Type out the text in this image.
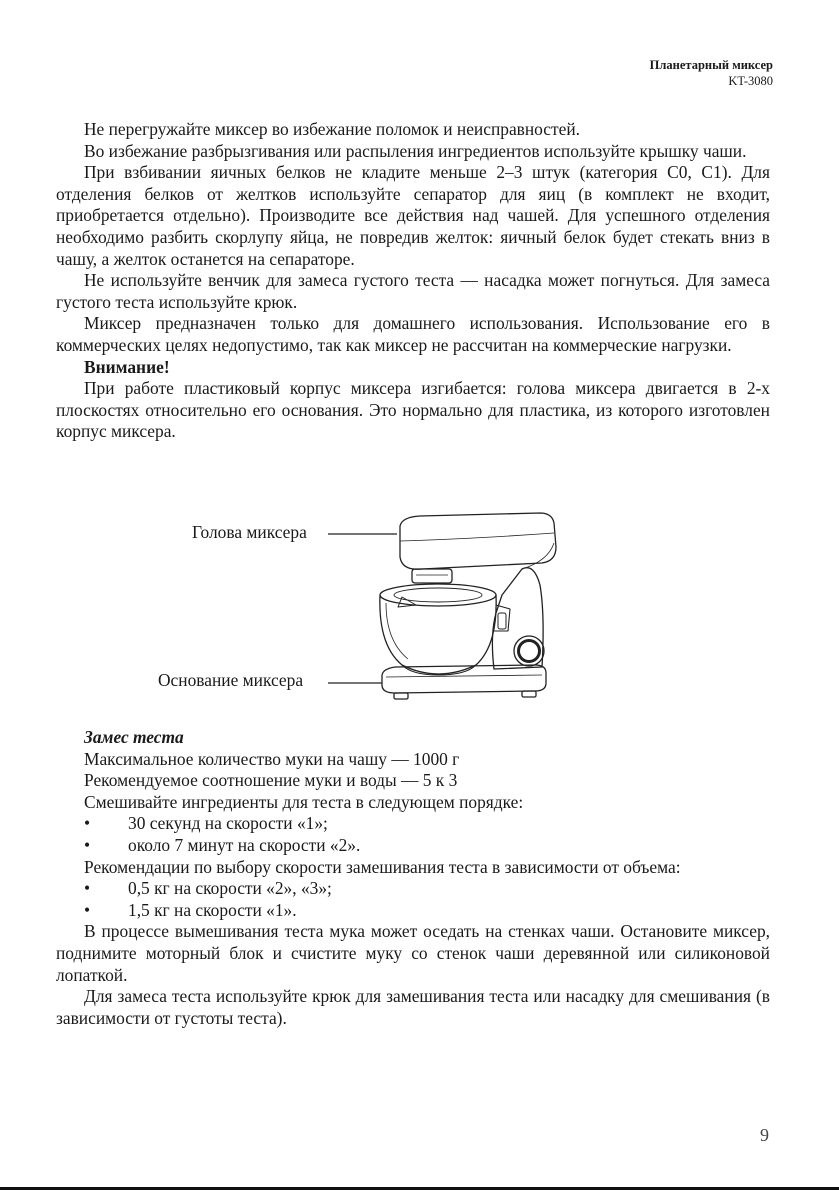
Планетарный миксер
KT-3080

Не перегружайте миксер во избежание поломок и неисправностей.

Во избежание разбрызгивания или распыления ингредиентов используйте крышку чаши.

При взбивании яичных белков не кладите меньше 2–3 штук (категория С0, С1). Для отделения белков от желтков используйте сепаратор для яиц (в комплект не входит, приобретается отдельно). Производите все действия над чашей. Для успешного отделения необходимо разбить скорлупу яйца, не повредив желток: яичный белок будет стекать вниз в чашу, а желток останется на сепараторе.

Не используйте венчик для замеса густого теста — насадка может погнуться. Для замеса густого теста используйте крюк.

Миксер предназначен только для домашнего использования. Использование его в коммерческих целях недопустимо, так как миксер не рассчитан на коммерческие нагрузки.

Внимание!

При работе пластиковый корпус миксера изгибается: голова миксера двигается в 2-х плоскостях относительно его основания. Это нормально для пластика, из которого изготовлен корпус миксера.

Голова миксера
Основание миксера

Замес теста

Максимальное количество муки на чашу — 1000 г

Рекомендуемое соотношение муки и воды — 5 к 3

Смешивайте ингредиенты для теста в следующем порядке:

• 30 секунд на скорости «1»;
• около 7 минут на скорости «2».

Рекомендации по выбору скорости замешивания теста в зависимости от объема:

• 0,5 кг на скорости «2», «3»;
• 1,5 кг на скорости «1».

В процессе вымешивания теста мука может оседать на стенках чаши. Остановите миксер, поднимите моторный блок и счистите муку со стенок чаши деревянной или силиконовой лопаткой.

Для замеса теста используйте крюк для замешивания теста или насадку для смешивания (в зависимости от густоты теста).

9
